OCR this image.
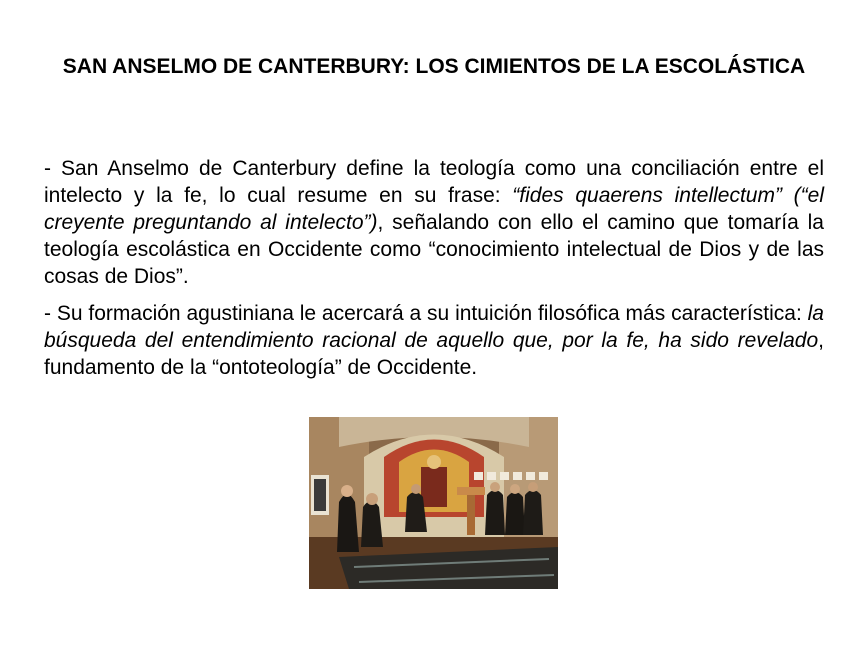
SAN ANSELMO DE CANTERBURY: LOS CIMIENTOS DE LA ESCOLÁSTICA

- San Anselmo de Canterbury define la teología como una conciliación entre el intelecto y la fe, lo cual resume en su frase: “fides quaerens intellectum” (“el creyente preguntando al intelecto”), señalando con ello el camino que tomaría la teología escolástica en Occidente como “conocimiento intelectual de Dios y de las cosas de Dios”.

- Su formación agustiniana le acercará a su intuición filosófica más característica: la búsqueda del entendimiento racional de aquello que, por la fe, ha sido revelado, fundamento de la “ontoteología” de Occidente.
